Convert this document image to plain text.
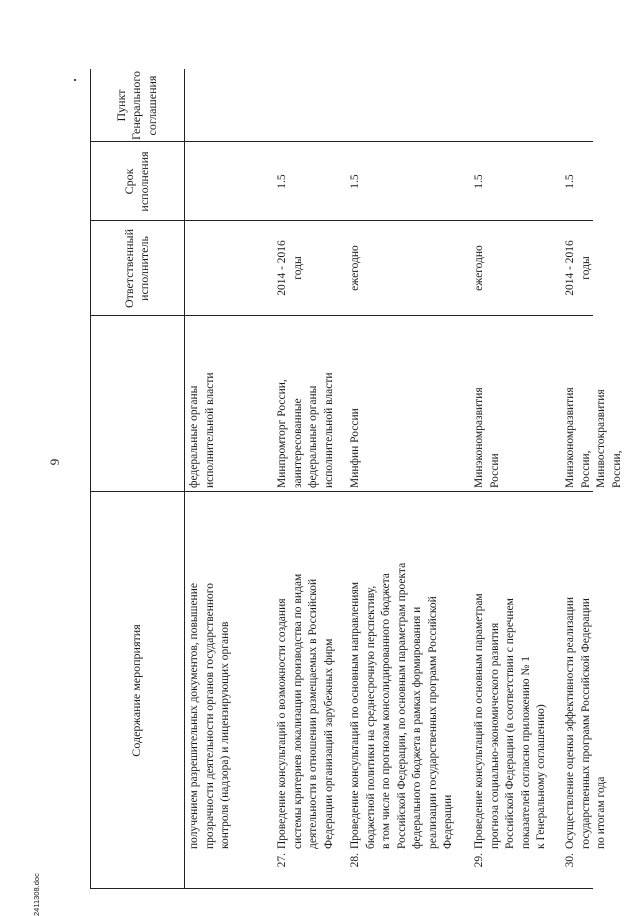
9
2411308.doc
Содержание мероприятия
Ответственный
исполнитель
Срок
исполнения
Пункт
Генерального
соглашения
получением разрешительных документов, повышение
прозрачности деятельности органов государственного
контроля (надзора) и лицензирующих органов
федеральные органы
исполнительной власти
27.
Проведение консультаций о возможности создания
системы критериев локализации производства по видам
деятельности в отношении размещаемых в Российской
Федерации организаций зарубежных фирм
Минпромторг России,
заинтересованные
федеральные органы
исполнительной власти
2014 - 2016
годы
1.5
28.
Проведение консультаций по основным направлениям
бюджетной политики на среднесрочную перспективу,
в том числе по прогнозам консолидированного бюджета
Российской Федерации, по основным параметрам проекта
федерального бюджета в рамках формирования и
реализации государственных программ Российской
Федерации
Минфин России
ежегодно
1.5
29.
Проведение консультаций по основным параметрам
прогноза социально-экономического развития
Российской Федерации (в соответствии с перечнем
показателей согласно приложению № 1
к Генеральному соглашению)
Минэкономразвития
России
ежегодно
1.5
30.
Осуществление оценки эффективности реализации
государственных программ Российской Федерации
по итогам года
Минэкономразвития
России,
Минвостокразвития
России,
2014 - 2016
годы
1.5
